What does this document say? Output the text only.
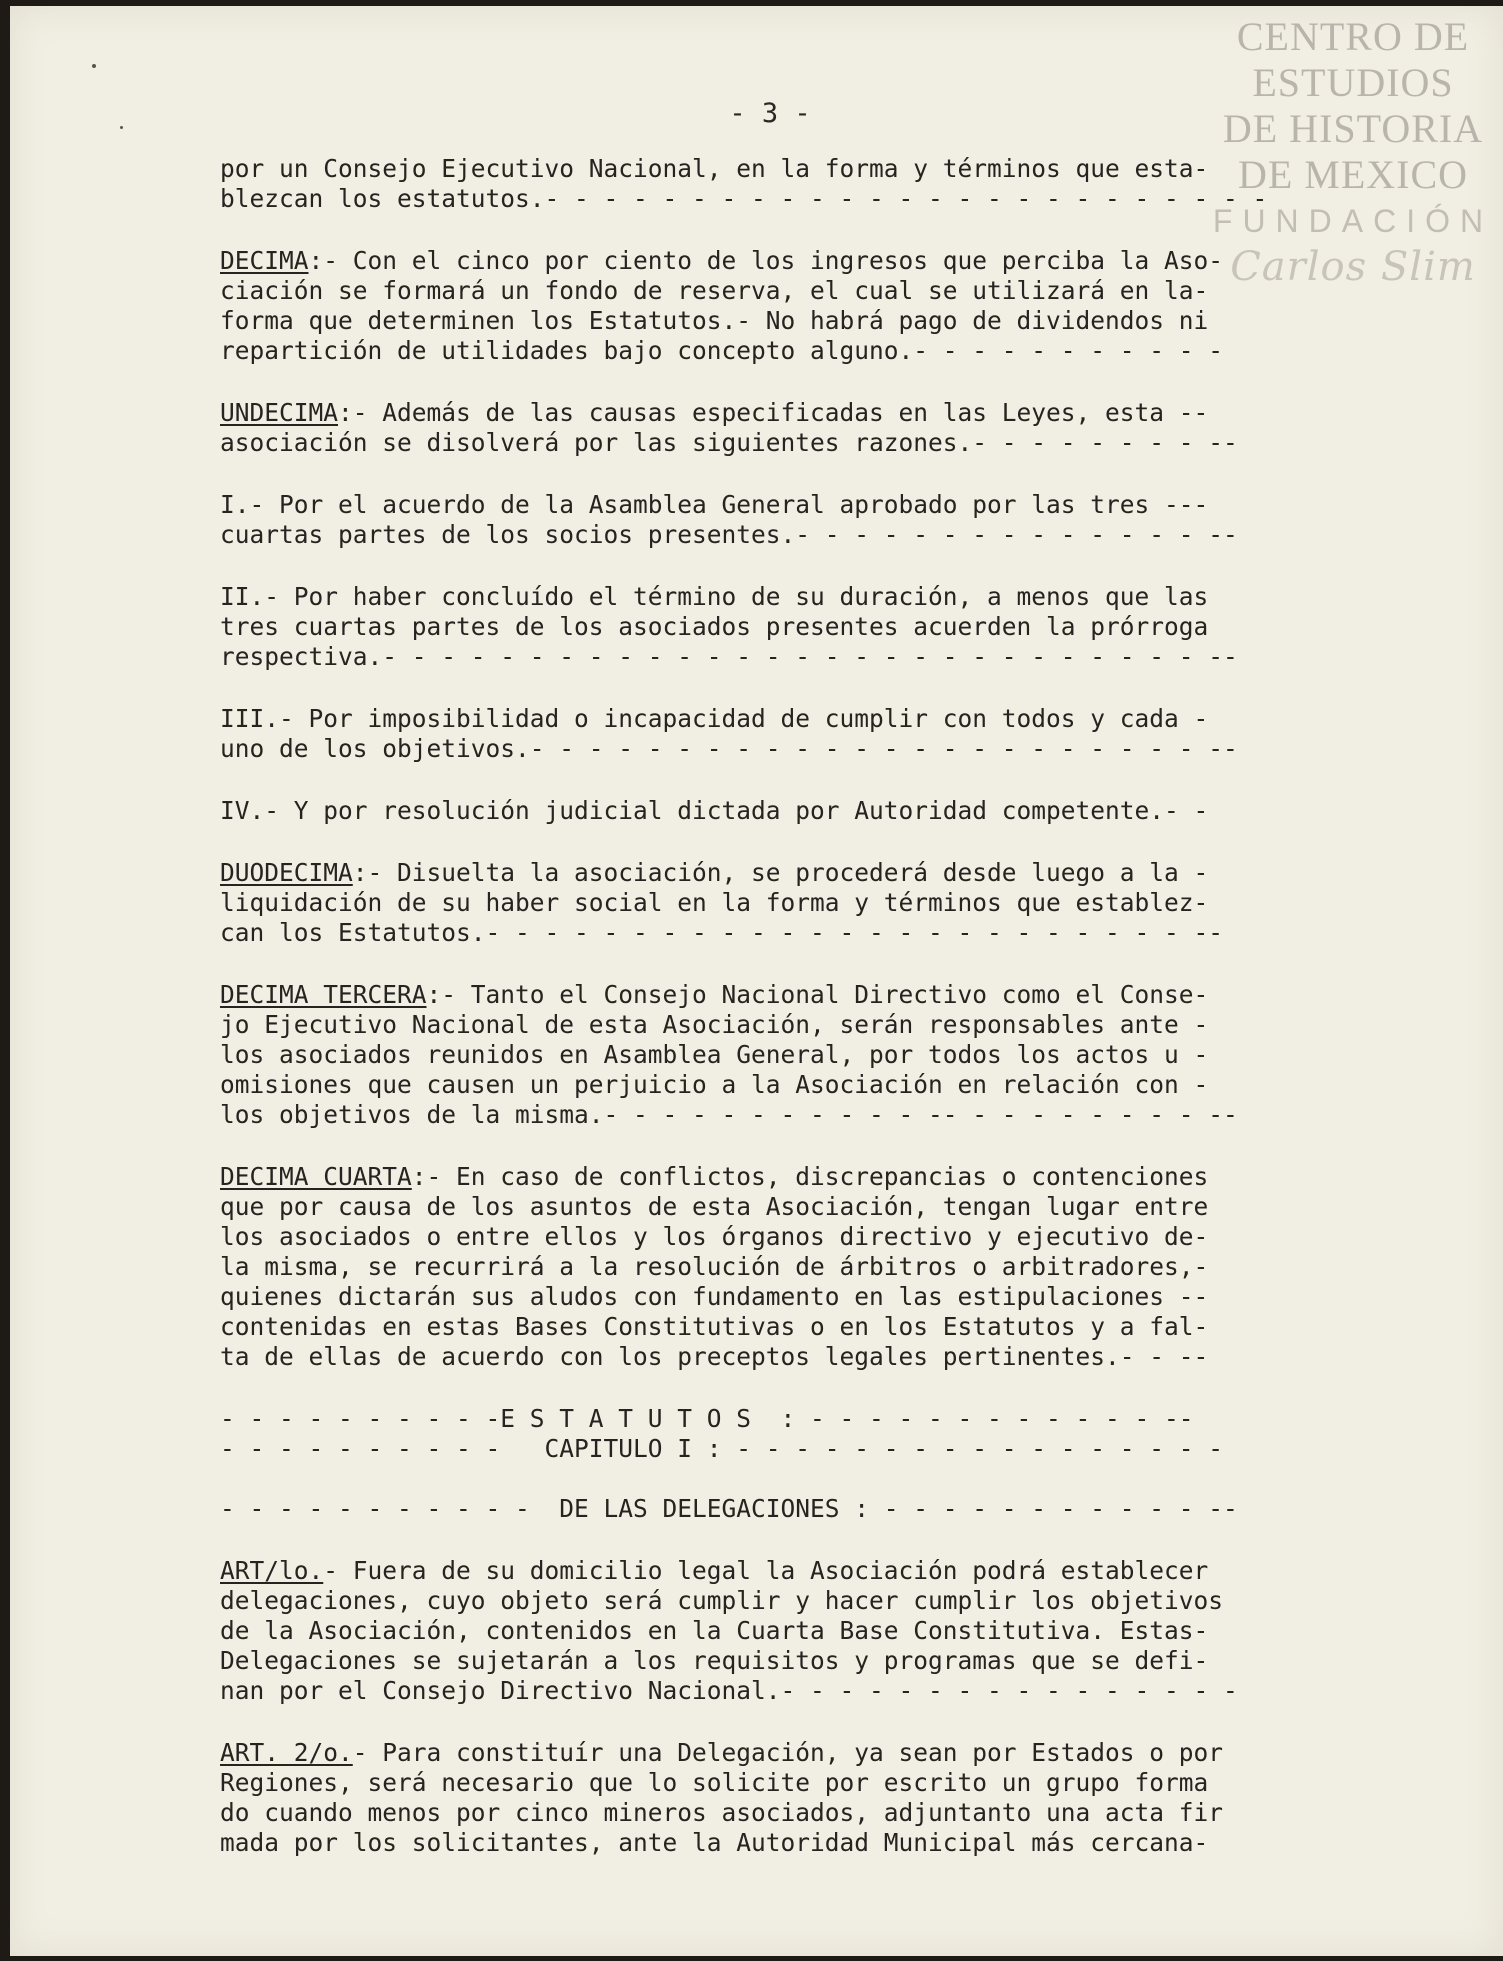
CENTRO DE
ESTUDIOS
DE HISTORIA
DE MEXICO
FUNDACIÓN
Carlos Slim
- 3 -
por un Consejo Ejecutivo Nacional, en la forma y términos que esta-
blezcan los estatutos.- - - - - - - - - - - - - - - - - - - - - - - - -
DECIMA:- Con el cinco por ciento de los ingresos que perciba la Aso-
ciación se formará un fondo de reserva, el cual se utilizará en la-
forma que determinen los Estatutos.- No habrá pago de dividendos ni
repartición de utilidades bajo concepto alguno.- - - - - - - - - - -
UNDECIMA:- Además de las causas especificadas en las Leyes, esta --
asociación se disolverá por las siguientes razones.- - - - - - - - --
I.- Por el acuerdo de la Asamblea General aprobado por las tres ---
cuartas partes de los socios presentes.- - - - - - - - - - - - - - --
II.- Por haber concluído el término de su duración, a menos que las
tres cuartas partes de los asociados presentes acuerden la prórroga
respectiva.- - - - - - - - - - - - - - - - - - - - - - - - - - - - --
III.- Por imposibilidad o incapacidad de cumplir con todos y cada -
uno de los objetivos.- - - - - - - - - - - - - - - - - - - - - - - --
IV.- Y por resolución judicial dictada por Autoridad competente.- -
DUODECIMA:- Disuelta la asociación, se procederá desde luego a la -
liquidación de su haber social en la forma y términos que establez-
can los Estatutos.- - - - - - - - - - - - - - - - - - - - - - - - --
DECIMA TERCERA:- Tanto el Consejo Nacional Directivo como el Conse-
jo Ejecutivo Nacional de esta Asociación, serán responsables ante -
los asociados reunidos en Asamblea General, por todos los actos u -
omisiones que causen un perjuicio a la Asociación en relación con -
los objetivos de la misma.- - - - - - - - - - - -- - - - - - - - - --
DECIMA CUARTA:- En caso de conflictos, discrepancias o contenciones
que por causa de los asuntos de esta Asociación, tengan lugar entre
los asociados o entre ellos y los órganos directivo y ejecutivo de-
la misma, se recurrirá a la resolución de árbitros o arbitradores,-
quienes dictarán sus aludos con fundamento en las estipulaciones --
contenidas en estas Bases Constitutivas o en los Estatutos y a fal-
ta de ellas de acuerdo con los preceptos legales pertinentes.- - --
- - - - - - - - - -E S T A T U T O S  : - - - - - - - - - - - - --
- - - - - - - - - -   CAPITULO I : - - - - - - - - - - - - - - - - -
- - - - - - - - - - -  DE LAS DELEGACIONES : - - - - - - - - - - - --
ART/lo.- Fuera de su domicilio legal la Asociación podrá establecer
delegaciones, cuyo objeto será cumplir y hacer cumplir los objetivos
de la Asociación, contenidos en la Cuarta Base Constitutiva. Estas-
Delegaciones se sujetarán a los requisitos y programas que se defi-
nan por el Consejo Directivo Nacional.- - - - - - - - - - - - - - - -
ART. 2/o.- Para constituír una Delegación, ya sean por Estados o por
Regiones, será necesario que lo solicite por escrito un grupo forma
do cuando menos por cinco mineros asociados, adjuntanto una acta fir
mada por los solicitantes, ante la Autoridad Municipal más cercana-
